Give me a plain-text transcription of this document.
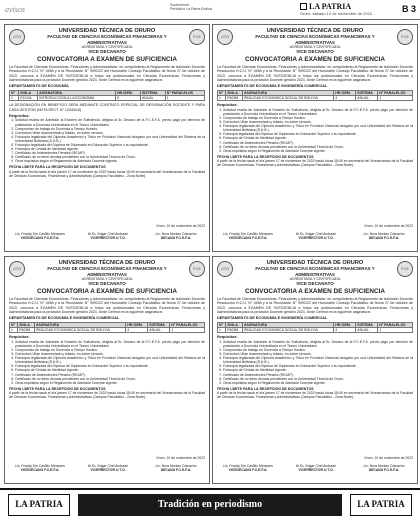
avisos	Suplemento
Periódico La Patria Bolivia	LA PATRIA
Oruro, sábado 12 de noviembre de 2022	B 3
UTO	FCE
UNIVERSIDAD TÉCNICA DE ORURO
FACULTAD DE CIENCIAS ECONÓMICAS FINANCIERAS Y ADMINISTRATIVAS
ACREDITADA Y CERTIFICADA
VICE DECANATO
CONVOCATORIA A EXAMEN DE SUFICIENCIA

La Facultad de Ciencias Económicas, Financieras y Administrativas, en cumplimiento al Reglamento de Admisión Docente Resolución H.C.U. N° 0485 y a la Resolución N° 0992/22 del Honorable Consejo Facultativo de fecha 27 de octubre de 2022, convoca a EXAMEN DE SUFICIENCIA a todos los profesionales en Ciencias Económicas, Financieras y Administrativas para la provisión Docente gestión 2023, Sede Central en la siguiente asignatura:

DEPARTAMENTO DE ECONOMÍA
N°	SIGLA	ASIGNATURA	HR./SEM.	SISTEMA	N° PARALELOS
1	E101M	INTRODUCCIÓN A LA ECONOMÍA	5	ANUAL	1

LA DESIGNACIÓN EN BENEFICIO SERÁ MEDIANTE CONTRATO ESPECIAL DE DESIGNACIÓN DOCENTE Y PARA CASA GESTIÓN (NOTA RECT. N° 1234/018)

Requisitos:
1. Solicitud escrita de Admisión al Examen de Suficiencia, dirigida al Sr. Decano de la F.C.E.F.A. previo pago por derecho de postulación a Docencia Universitaria en el Tesoro Universitario.
2. Compromiso de trabajo en Docencia a Tiempo Horario.
3. Curriculum Vitae documentado y foliado, en sobre cerrado.
4. Fotocopia legalizada del Diploma Académico y Título en Provisión Nacional otorgado por una Universidad del Sistema de la Universidad Boliviana (S.U.B.).
5. Fotocopia legalizada del Diploma de Diplomado en Educación Superior o su equivalente.
6. Fotocopia de Cédula de Identidad vigente.
7. Certificado de Antecedentes Penales (REJAP).
8. Certificado de no tener deudas pendientes con la Universidad Técnica de Oruro.
9. Otros requisitos según el Reglamento de Admisión Docente vigente.
FECHA LÍMITE PARA LA RECEPCIÓN DE DOCUMENTOS

A partir de la fecha hasta el día jueves 17 de noviembre de 2022 hasta horas 18:00 en secretaría del Vicedecanato de la Facultad de Ciencias Económicas, Financieras y Administrativas (Campus Facultativo - Zona Norte).

Oruro, 10 de noviembre de 2022
Lic. Freddy Del Castillo Meneses
VICEDECANO F.C.E.F.A.
M.Sc. Edgar Chiri Andrade
VICERRECTOR U.T.O.
Lic. Nora Montes Camacho
DECANA F.C.E.F.A.
UTO	FCE
UNIVERSIDAD TÉCNICA DE ORURO
FACULTAD DE CIENCIAS ECONÓMICAS FINANCIERAS Y ADMINISTRATIVAS
ACREDITADA Y CERTIFICADA
VICE DECANATO
CONVOCATORIA A EXAMEN DE SUFICIENCIA

La Facultad de Ciencias Económicas, Financieras y Administrativas, en cumplimiento al Reglamento de Admisión Docente Resolución H.C.U. N° 0485 y a la Resolución N° 0992/22 del Honorable Consejo Facultativo de fecha 27 de octubre de 2022, convoca a EXAMEN DE SUFICIENCIA a todos los profesionales en Ciencias Económicas, Financieras y Administrativas para la provisión Docente gestión 2023, Sede Central en la siguiente asignatura:

DEPARTAMENTO DE ECONOMÍA E INGENIERÍA COMERCIAL
N°	SIGLA	ASIGNATURA	HR./SEM.	SISTEMA	N° PARALELOS
1	E503M	REALIDAD ECONÓMICA SOCIAL DE BOLIVIA	4	ANUAL	1
Requisitos:
1. Solicitud escrita de Admisión al Examen de Suficiencia, dirigida al Sr. Decano de la F.C.E.F.A. previo pago por derecho de postulación a Docencia Universitaria en el Tesoro Universitario.
2. Compromiso de trabajo en Docencia a Tiempo Horario.
3. Curriculum Vitae documentado y foliado, en sobre cerrado.
4. Fotocopia legalizada del Diploma Académico y Título en Provisión Nacional otorgado por una Universidad del Sistema de la Universidad Boliviana (S.U.B.).
5. Fotocopia legalizada del Diploma de Diplomado en Educación Superior o su equivalente.
6. Fotocopia de Cédula de Identidad vigente.
7. Certificado de Antecedentes Penales (REJAP).
8. Certificado de no tener deudas pendientes con la Universidad Técnica de Oruro.
9. Otros requisitos según el Reglamento de Admisión Docente vigente.
FECHA LÍMITE PARA LA RECEPCIÓN DE DOCUMENTOS

A partir de la fecha hasta el día jueves 17 de noviembre de 2022 hasta horas 18:00 en secretaría del Vicedecanato de la Facultad de Ciencias Económicas, Financieras y Administrativas (Campus Facultativo - Zona Norte).

Oruro, 10 de noviembre de 2022
Lic. Freddy Del Castillo Meneses
VICEDECANO F.C.E.F.A.
M.Sc. Edgar Chiri Andrade
VICERRECTOR U.T.O.
Lic. Nora Montes Camacho
DECANA F.C.E.F.A.
UTO	FCE
UNIVERSIDAD TÉCNICA DE ORURO
FACULTAD DE CIENCIAS ECONÓMICAS FINANCIERAS Y ADMINISTRATIVAS
ACREDITADA Y CERTIFICADA
VICE DECANATO
CONVOCATORIA A EXAMEN DE SUFICIENCIA

La Facultad de Ciencias Económicas, Financieras y Administrativas, en cumplimiento al Reglamento de Admisión Docente Resolución H.C.U. N° 0485 y a la Resolución N° 0992/22 del Honorable Consejo Facultativo de fecha 27 de octubre de 2022, convoca a EXAMEN DE SUFICIENCIA a todos los profesionales en Ciencias Económicas, Financieras y Administrativas para la provisión Docente gestión 2023, Sede Central en la siguiente asignatura:

DEPARTAMENTO DE ECONOMÍA E INGENIERÍA COMERCIAL
N°	SIGLA	ASIGNATURA	HR./SEM.	SISTEMA	N° PARALELOS
1	E503M	REALIDAD ECONÓMICA SOCIAL DE BOLIVIA	4	ANUAL	1
Requisitos:
1. Solicitud escrita de Admisión al Examen de Suficiencia, dirigida al Sr. Decano de la F.C.E.F.A. previo pago por derecho de postulación a Docencia Universitaria en el Tesoro Universitario.
2. Compromiso de trabajo en Docencia a Tiempo Horario.
3. Curriculum Vitae documentado y foliado, en sobre cerrado.
4. Fotocopia legalizada del Diploma Académico y Título en Provisión Nacional otorgado por una Universidad del Sistema de la Universidad Boliviana (S.U.B.).
5. Fotocopia legalizada del Diploma de Diplomado en Educación Superior o su equivalente.
6. Fotocopia de Cédula de Identidad vigente.
7. Certificado de Antecedentes Penales (REJAP).
8. Certificado de no tener deudas pendientes con la Universidad Técnica de Oruro.
9. Otros requisitos según el Reglamento de Admisión Docente vigente.
FECHA LÍMITE PARA LA RECEPCIÓN DE DOCUMENTOS

A partir de la fecha hasta el día jueves 17 de noviembre de 2022 hasta horas 18:00 en secretaría del Vicedecanato de la Facultad de Ciencias Económicas, Financieras y Administrativas (Campus Facultativo - Zona Norte).

Oruro, 10 de noviembre de 2022
Lic. Freddy Del Castillo Meneses
VICEDECANO F.C.E.F.A.
M.Sc. Edgar Chiri Andrade
VICERRECTOR U.T.O.
Lic. Nora Montes Camacho
DECANA F.C.E.F.A.
UTO	FCE
UNIVERSIDAD TÉCNICA DE ORURO
FACULTAD DE CIENCIAS ECONÓMICAS FINANCIERAS Y ADMINISTRATIVAS
ACREDITADA Y CERTIFICADA
VICE DECANATO
CONVOCATORIA A EXAMEN DE SUFICIENCIA

La Facultad de Ciencias Económicas, Financieras y Administrativas, en cumplimiento al Reglamento de Admisión Docente Resolución H.C.U. N° 0485 y a la Resolución N° 0992/22 del Honorable Consejo Facultativo de fecha 27 de octubre de 2022, convoca a EXAMEN DE SUFICIENCIA a todos los profesionales en Ciencias Económicas, Financieras y Administrativas para la provisión Docente gestión 2023, Sede Central en la siguiente asignatura:

DEPARTAMENTO DE ECONOMÍA E INGENIERÍA COMERCIAL
N°	SIGLA	ASIGNATURA	HR./SEM.	SISTEMA	N° PARALELOS
1	E503M	REALIDAD ECONÓMICA SOCIAL DE BOLIVIA	4	ANUAL	1
Requisitos:
1. Solicitud escrita de Admisión al Examen de Suficiencia, dirigida al Sr. Decano de la F.C.E.F.A. previo pago por derecho de postulación a Docencia Universitaria en el Tesoro Universitario.
2. Compromiso de trabajo en Docencia a Tiempo Horario.
3. Curriculum Vitae documentado y foliado, en sobre cerrado.
4. Fotocopia legalizada del Diploma Académico y Título en Provisión Nacional otorgado por una Universidad del Sistema de la Universidad Boliviana (S.U.B.).
5. Fotocopia legalizada del Diploma de Diplomado en Educación Superior o su equivalente.
6. Fotocopia de Cédula de Identidad vigente.
7. Certificado de Antecedentes Penales (REJAP).
8. Certificado de no tener deudas pendientes con la Universidad Técnica de Oruro.
9. Otros requisitos según el Reglamento de Admisión Docente vigente.
FECHA LÍMITE PARA LA RECEPCIÓN DE DOCUMENTOS

A partir de la fecha hasta el día jueves 17 de noviembre de 2022 hasta horas 18:00 en secretaría del Vicedecanato de la Facultad de Ciencias Económicas, Financieras y Administrativas (Campus Facultativo - Zona Norte).

Oruro, 10 de noviembre de 2022
Lic. Freddy Del Castillo Meneses
VICEDECANO F.C.E.F.A.
M.Sc. Edgar Chiri Andrade
VICERRECTOR U.T.O.
Lic. Nora Montes Camacho
DECANA F.C.E.F.A.
LA PATRIA	Tradición en periodismo	LA PATRIA
